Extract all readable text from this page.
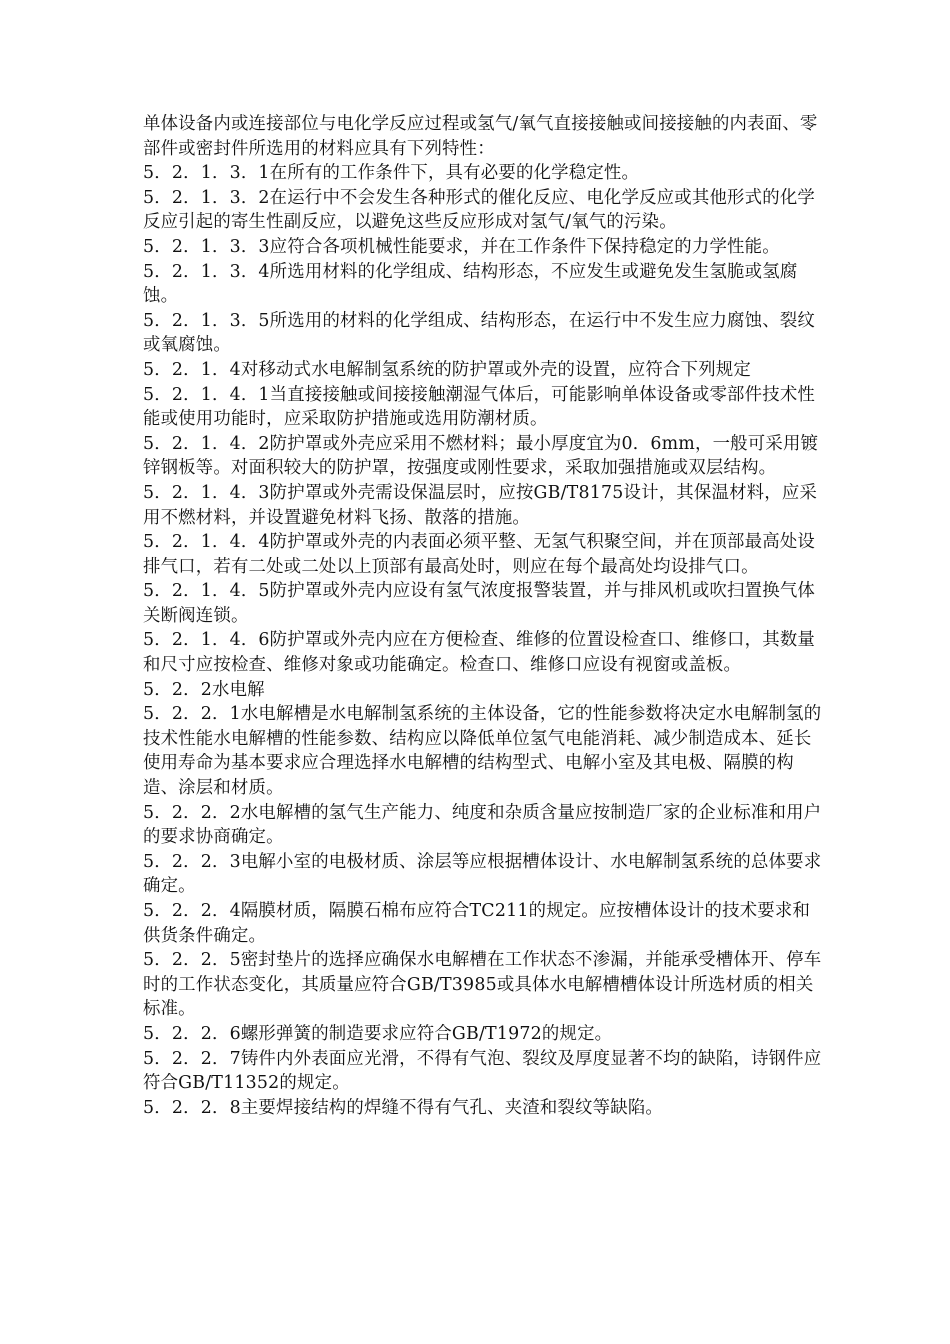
单体设备内或连接部位与电化学反应过程或氢气/氧气直接接触或间接接触的内表面、零部件或密封件所选用的材料应具有下列特性：

5．2．1．3．1在所有的工作条件下，具有必要的化学稳定性。

5．2．1．3．2在运行中不会发生各种形式的催化反应、电化学反应或其他形式的化学反应引起的寄生性副反应，以避免这些反应形成对氢气/氧气的污染。

5．2．1．3．3应符合各项机械性能要求，并在工作条件下保持稳定的力学性能。

5．2．1．3．4所选用材料的化学组成、结构形态，不应发生或避免发生氢脆或氢腐蚀。

5．2．1．3．5所选用的材料的化学组成、结构形态，在运行中不发生应力腐蚀、裂纹或氧腐蚀。

5．2．1．4对移动式水电解制氢系统的防护罩或外壳的设置，应符合下列规定

5．2．1．4．1当直接接触或间接接触潮湿气体后，可能影响单体设备或零部件技术性能或使用功能时，应采取防护措施或选用防潮材质。

5．2．1．4．2防护罩或外壳应采用不燃材料；最小厚度宜为0．6mm，一般可采用镀锌钢板等。对面积较大的防护罩，按强度或刚性要求，采取加强措施或双层结构。

5．2．1．4．3防护罩或外壳需设保温层时，应按GB/T8175设计，其保温材料，应采用不燃材料，并设置避免材料飞扬、散落的措施。

5．2．1．4．4防护罩或外壳的内表面必须平整、无氢气积聚空间，并在顶部最高处设排气口，若有二处或二处以上顶部有最高处时，则应在每个最高处均设排气口。

5．2．1．4．5防护罩或外壳内应设有氢气浓度报警装置，并与排风机或吹扫置换气体关断阀连锁。

5．2．1．4．6防护罩或外壳内应在方便检查、维修的位置设检查口、维修口，其数量和尺寸应按检查、维修对象或功能确定。检查口、维修口应设有视窗或盖板。

5．2．2水电解

5．2．2．1水电解槽是水电解制氢系统的主体设备，它的性能参数将决定水电解制氢的技术性能水电解槽的性能参数、结构应以降低单位氢气电能消耗、减少制造成本、延长使用寿命为基本要求应合理选择水电解槽的结构型式、电解小室及其电极、隔膜的构造、涂层和材质。

5．2．2．2水电解槽的氢气生产能力、纯度和杂质含量应按制造厂家的企业标准和用户的要求协商确定。

5．2．2．3电解小室的电极材质、涂层等应根据槽体设计、水电解制氢系统的总体要求确定。

5．2．2．4隔膜材质，隔膜石棉布应符合TC211的规定。应按槽体设计的技术要求和供货条件确定。

5．2．2．5密封垫片的选择应确保水电解槽在工作状态不渗漏，并能承受槽体开、停车时的工作状态变化，其质量应符合GB/T3985或具体水电解槽槽体设计所选材质的相关标准。

5．2．2．6螺形弹簧的制造要求应符合GB/T1972的规定。

5．2．2．7铸件内外表面应光滑，不得有气泡、裂纹及厚度显著不均的缺陷，诗钢件应符合GB/T11352的规定。

5．2．2．8主要焊接结构的焊缝不得有气孔、夹渣和裂纹等缺陷。
